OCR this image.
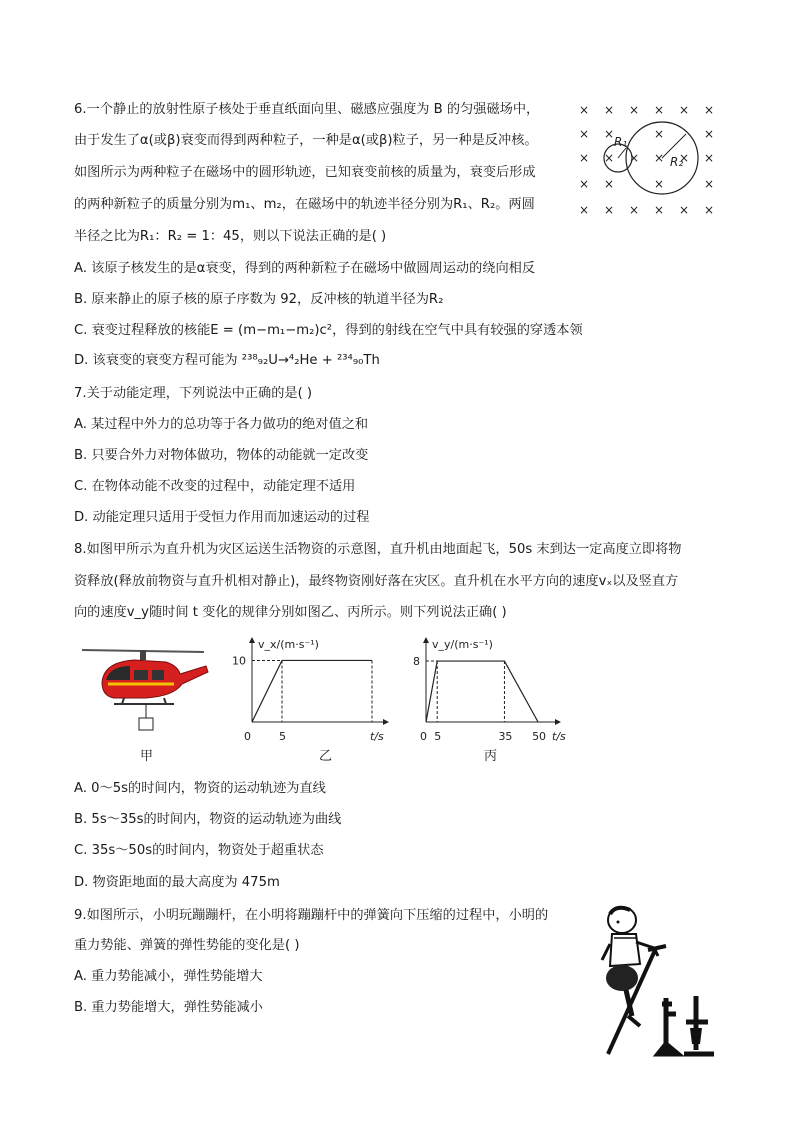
6.一个静止的放射性原子核处于垂直纸面向里、磁感应强度为 B 的匀强磁场中，
由于发生了α(或β)衰变而得到两种粒子，一种是α(或β)粒子，另一种是反冲核。
如图所示为两种粒子在磁场中的圆形轨迹，已知衰变前核的质量为，衰变后形成
的两种新粒子的质量分别为m₁、m₂，在磁场中的轨迹半径分别为R₁、R₂。两圆
半径之比为R₁：R₂ = 1：45，则以下说法正确的是( )
A. 该原子核发生的是α衰变，得到的两种新粒子在磁场中做圆周运动的绕向相反
B. 原来静止的原子核的原子序数为 92，反冲核的轨道半径为R₂
C. 衰变过程释放的核能E = (m−m₁−m₂)c²，得到的射线在空气中具有较强的穿透本领
D. 该衰变的衰变方程可能为 ²³⁸₉₂U→⁴₂He + ²³⁴₉₀Th
× × × × × ×
× ×	×	×
× × × × × ×
× ×	×	×
× × × × × ×
R₁
R₂
7.关于动能定理，下列说法中正确的是( )
A. 某过程中外力的总功等于各力做功的绝对值之和
B. 只要合外力对物体做功，物体的动能就一定改变
C. 在物体动能不改变的过程中，动能定理不适用
D. 动能定理只适用于受恒力作用而加速运动的过程
8.如图甲所示为直升机为灾区运送生活物资的示意图，直升机由地面起飞，50s 末到达一定高度立即将物
资释放(释放前物资与直升机相对静止)，最终物资刚好落在灾区。直升机在水平方向的速度vₓ以及竖直方
向的速度v_y随时间 t 变化的规律分别如图乙、丙所示。则下列说法正确( )
甲
v_x/(m·s⁻¹)
t/s
0	5
10
乙
v_y/(m·s⁻¹)
t/s
0 5	35 50
8
丙
A. 0～5s的时间内，物资的运动轨迹为直线
B. 5s～35s的时间内，物资的运动轨迹为曲线
C. 35s～50s的时间内，物资处于超重状态
D. 物资距地面的最大高度为 475m
9.如图所示，小明玩蹦蹦杆，在小明将蹦蹦杆中的弹簧向下压缩的过程中，小明的
重力势能、弹簧的弹性势能的变化是( )
A. 重力势能减小，弹性势能增大
B. 重力势能增大，弹性势能减小
